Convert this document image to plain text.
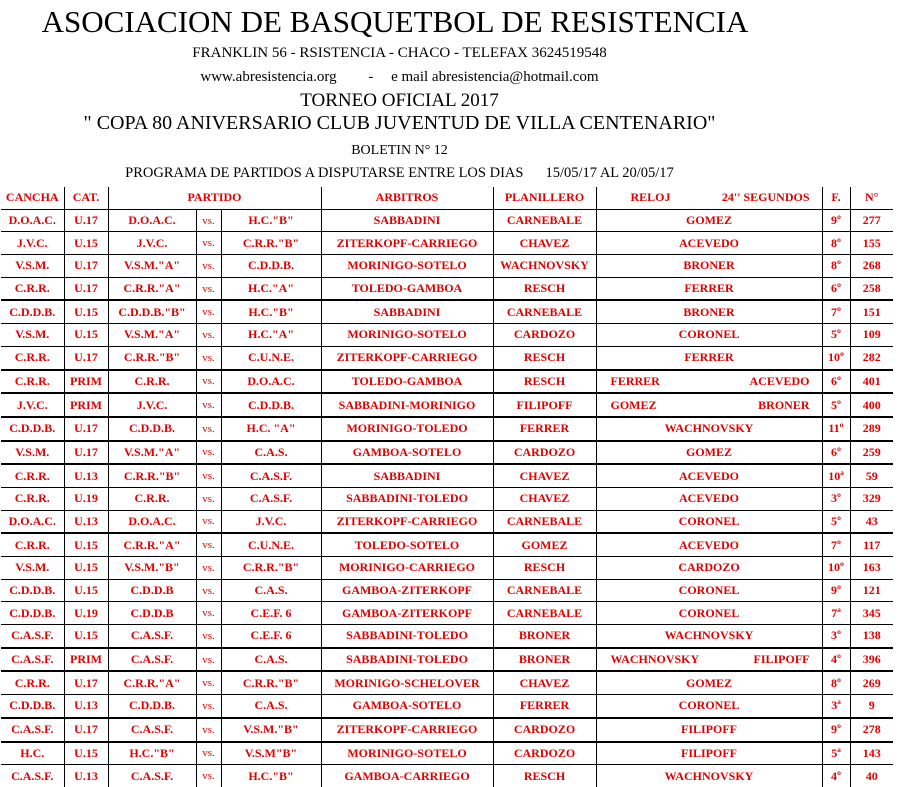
ASOCIACION DE BASQUETBOL DE RESISTENCIA
FRANKLIN 56 - RSISTENCIA - CHACO - TELEFAX 3624519548
www.abresistencia.org - e mail abresistencia@hotmail.com
TORNEO OFICIAL 2017
" COPA 80 ANIVERSARIO CLUB JUVENTUD DE VILLA CENTENARIO"
BOLETIN N° 12
PROGRAMA DE PARTIDOS A DISPUTARSE ENTRE LOS DIAS 15/05/17 AL 20/05/17
CANCHA	CAT.	PARTIDO			ARBITROS	PLANILLERO	RELOJ 24'' SEGUNDOS	F.	N°
D.O.A.C.	U.17	D.O.A.C.	vs.	H.C."B"	SABBADINI	CARNEBALE	GOMEZ	9º	277
J.V.C.	U.15	J.V.C.	vs.	C.R.R."B"	ZITERKOPF-CARRIEGO	CHAVEZ	ACEVEDO	8º	155
V.S.M.	U.17	V.S.M."A"	vs.	C.D.D.B.	MORINIGO-SOTELO	WACHNOVSKY	BRONER	8º	268
C.R.R.	U.17	C.R.R."A"	vs.	H.C."A"	TOLEDO-GAMBOA	RESCH	FERRER	6º	258
C.D.D.B.	U.15	C.D.D.B."B"	vs.	H.C."B"	SABBADINI	CARNEBALE	BRONER	7º	151
V.S.M.	U.15	V.S.M."A"	vs.	H.C."A"	MORINIGO-SOTELO	CARDOZO	CORONEL	5º	109
C.R.R.	U.17	C.R.R."B"	vs.	C.U.N.E.	ZITERKOPF-CARRIEGO	RESCH	FERRER	10º	282
C.R.R.	PRIM	C.R.R.	vs.	D.O.A.C.	TOLEDO-GAMBOA	RESCH	FERRER ACEVEDO	6º	401
J.V.C.	PRIM	J.V.C.	vs.	C.D.D.B.	SABBADINI-MORINIGO	FILIPOFF	GOMEZ BRONER	5º	400
C.D.D.B.	U.17	C.D.D.B.	vs.	H.C. "A"	MORINIGO-TOLEDO	FERRER	WACHNOVSKY	11º	289
V.S.M.	U.17	V.S.M."A"	vs.	C.A.S.	GAMBOA-SOTELO	CARDOZO	GOMEZ	6º	259
C.R.R.	U.13	C.R.R."B"	vs.	C.A.S.F.	SABBADINI	CHAVEZ	ACEVEDO	10ª	59
C.R.R.	U.19	C.R.R.	vs.	C.A.S.F.	SABBADINI-TOLEDO	CHAVEZ	ACEVEDO	3º	329
D.O.A.C.	U.13	D.O.A.C.	vs.	J.V.C.	ZITERKOPF-CARRIEGO	CARNEBALE	CORONEL	5º	43
C.R.R.	U.15	C.R.R."A"	vs.	C.U.N.E.	TOLEDO-SOTELO	GOMEZ	ACEVEDO	7º	117
V.S.M.	U.15	V.S.M."B"	vs.	C.R.R."B"	MORINIGO-CARRIEGO	RESCH	CARDOZO	10º	163
C.D.D.B.	U.15	C.D.D.B	vs.	C.A.S.	GAMBOA-ZITERKOPF	CARNEBALE	CORONEL	9º	121
C.D.D.B.	U.19	C.D.D.B	vs.	C.E.F. 6	GAMBOA-ZITERKOPF	CARNEBALE	CORONEL	7ª	345
C.A.S.F.	U.15	C.A.S.F.	vs.	C.E.F. 6	SABBADINI-TOLEDO	BRONER	WACHNOVSKY	3º	138
C.A.S.F.	PRIM	C.A.S.F.	vs.	C.A.S.	SABBADINI-TOLEDO	BRONER	WACHNOVSKY FILIPOFF	4º	396
C.R.R.	U.17	C.R.R."A"	vs.	C.R.R."B"	MORINIGO-SCHELOVER	CHAVEZ	GOMEZ	8º	269
C.D.D.B.	U.13	C.D.D.B.	vs.	C.A.S.	GAMBOA-SOTELO	FERRER	CORONEL	3ª	9
C.A.S.F.	U.17	C.A.S.F.	vs.	V.S.M."B"	ZITERKOPF-CARRIEGO	CARDOZO	FILIPOFF	9º	278
H.C.	U.15	H.C."B"	vs.	V.S.M"B"	MORINIGO-SOTELO	CARDOZO	FILIPOFF	5ª	143
C.A.S.F.	U.13	C.A.S.F.	vs.	H.C."B"	GAMBOA-CARRIEGO	RESCH	WACHNOVSKY	4º	40
